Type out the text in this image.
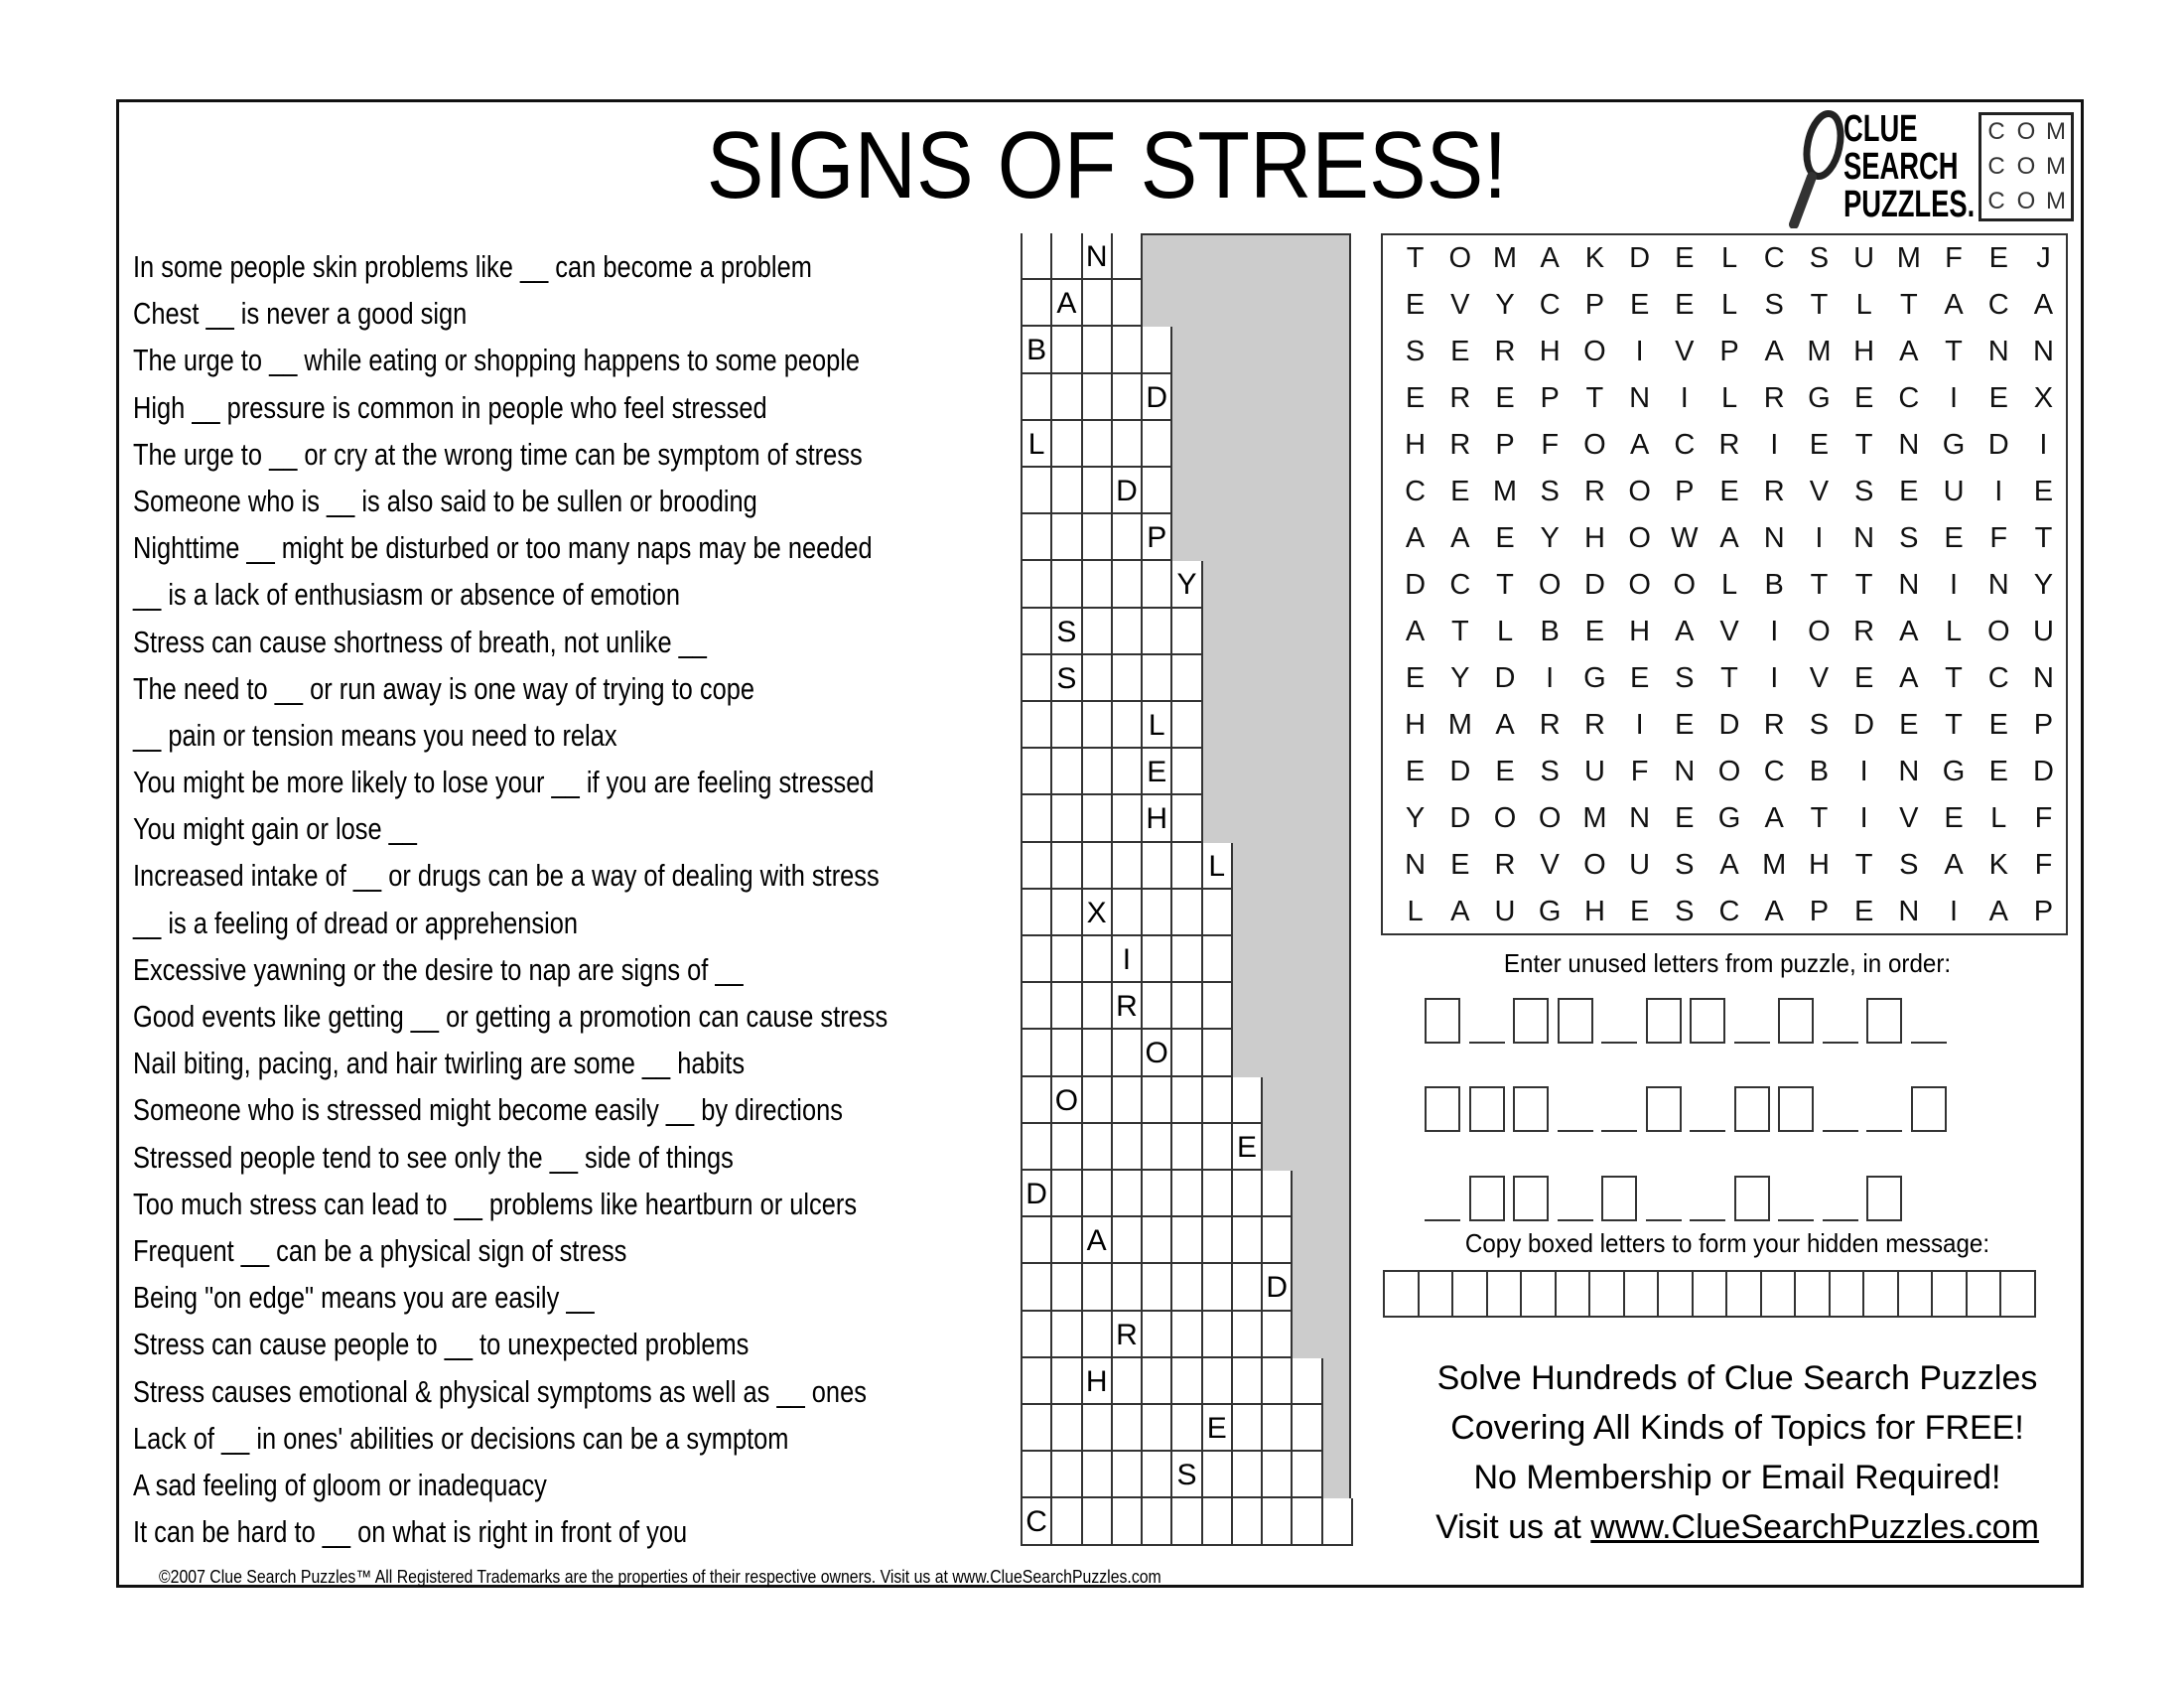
SIGNS OF STRESS!	CLUE
SEARCH
PUZZLES.
C O M
C O M
C O M
In some people skin problems like __ can become a problem
Chest __ is never a good sign
The urge to __ while eating or shopping happens to some people
High __ pressure is common in people who feel stressed
The urge to __ or cry at the wrong time can be symptom of stress
Someone who is __ is also said to be sullen or brooding
Nighttime __ might be disturbed or too many naps may be needed
__ is a lack of enthusiasm or absence of emotion
Stress can cause shortness of breath, not unlike __
The need to __ or run away is one way of trying to cope
__ pain or tension means you need to relax
You might be more likely to lose your __ if you are feeling stressed
You might gain or lose __
Increased intake of __ or drugs can be a way of dealing with stress
__ is a feeling of dread or apprehension
Excessive yawning or the desire to nap are signs of __
Good events like getting __ or getting a promotion can cause stress
Nail biting, pacing, and hair twirling are some __ habits
Someone who is stressed might become easily __ by directions
Stressed people tend to see only the __ side of things
Too much stress can lead to __ problems like heartburn or ulcers
Frequent __ can be a physical sign of stress
Being "on edge" means you are easily __
Stress can cause people to __ to unexpected problems
Stress causes emotional & physical symptoms as well as __ ones
Lack of __ in ones' abilities or decisions can be a symptom
A sad feeling of gloom or inadequacy
It can be hard to __ on what is right in front of you
N
A
B
D
L
D
P
Y
S
S
L
E
H
L
X
I
R
O
O
E
D
A
D
R
H
E
S
C
T O M A K D E L C S U M F E J
E V Y C P E E L S T L T A C A
S E R H O	I	V P A M H A T N N
E R E P T N	I	L R G E C	I	E X
H R P F O A C R	I	E T N G D	I
C E M S R O P E R V S E U	I	E
A A E Y H O W A N	I	N S E F T
D C T O D O O L B T T N	I	N Y
A T L B E H A V	I	O R A L O U
E Y D	I	G E S T	I	V E A T C N
H M A R R	I	E D R S D E T E P
E D E S U F N O C B	I	N G E D
Y D O O M N E G A T	I	V E L F
N E R V O U S A M H T S A K F
L A U G H E S C A P E N	I	A P
Enter unused letters from puzzle, in order:
Copy boxed letters to form your hidden message:
Solve Hundreds of Clue Search Puzzles
Covering All Kinds of Topics for FREE!
No Membership or Email Required!
Visit us at www.ClueSearchPuzzles.com
©2007 Clue Search Puzzles™ All Registered Trademarks are the properties of their respective owners. Visit us at www.ClueSearchPuzzles.com
